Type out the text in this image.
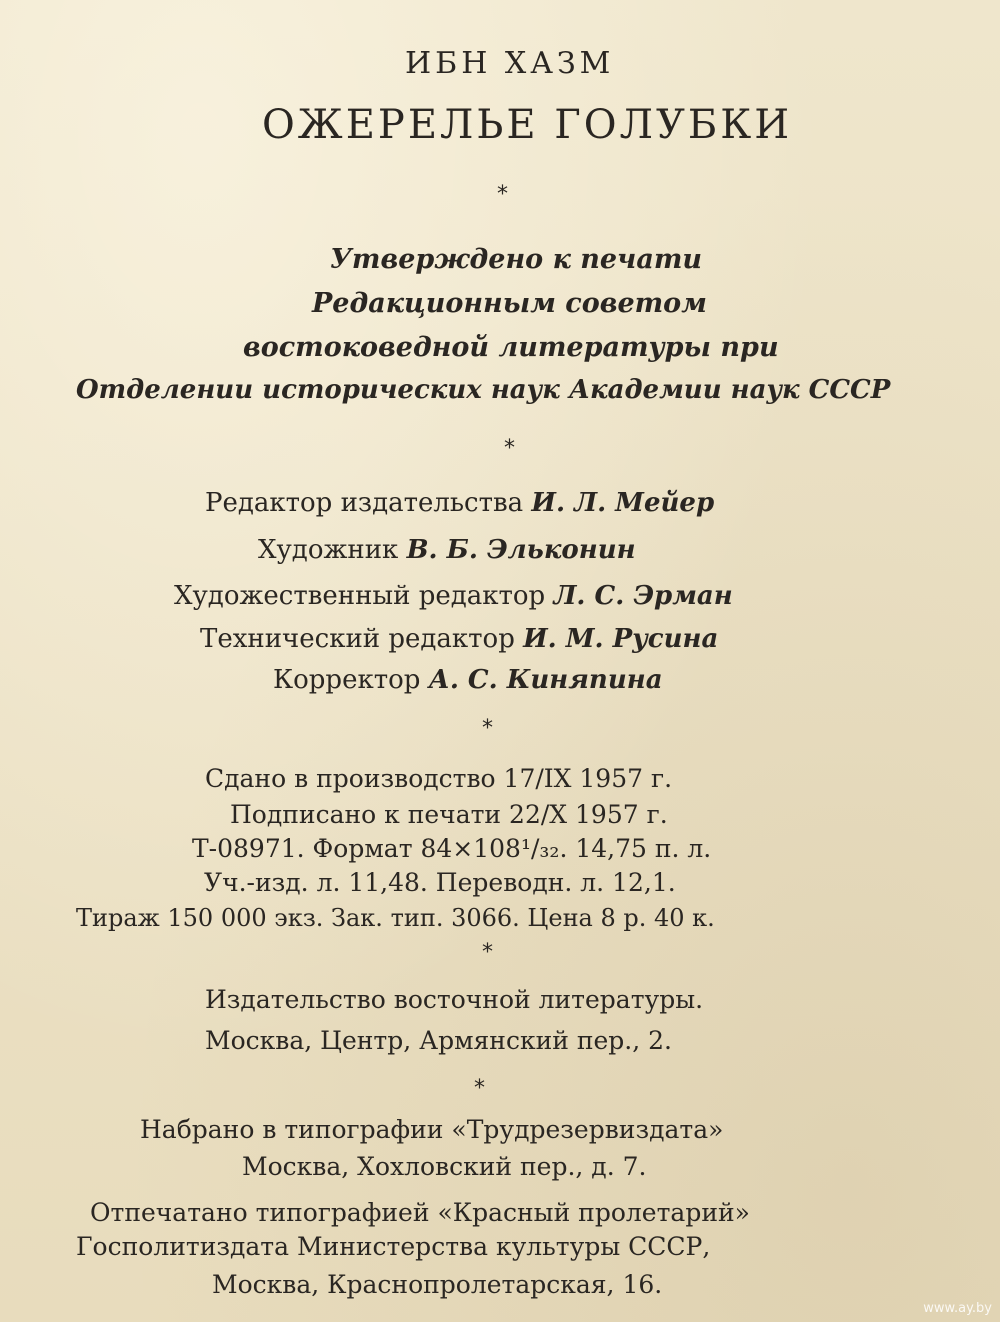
ИБН ХАЗМ
ОЖЕРЕЛЬЕ ГОЛУБКИ
*
Утверждено к печати
Редакционным советом
востоковедной литературы при
Отделении исторических наук Академии наук СССР
*
Редактор издательства И. Л. Мейер
Художник В. Б. Эльконин
Художественный редактор Л. С. Эрман
Технический редактор И. М. Русина
Корректор А. С. Киняпина
*
Сдано в производство 17/IX 1957 г.
Подписано к печати 22/X 1957 г.
Т-08971. Формат 84×108¹/₃₂. 14,75 п. л.
Уч.-изд. л. 11,48. Переводн. л. 12,1.
Тираж 150 000 экз. Зак. тип. 3066. Цена 8 р. 40 к.
*
Издательство восточной литературы.
Москва, Центр, Армянский пер., 2.
*
Набрано в типографии «Трудрезервиздата»
Москва, Хохловский пер., д. 7.
Отпечатано типографией «Красный пролетарий»
Госполитиздата Министерства культуры СССР,
Москва, Краснопролетарская, 16.
www.ay.by
